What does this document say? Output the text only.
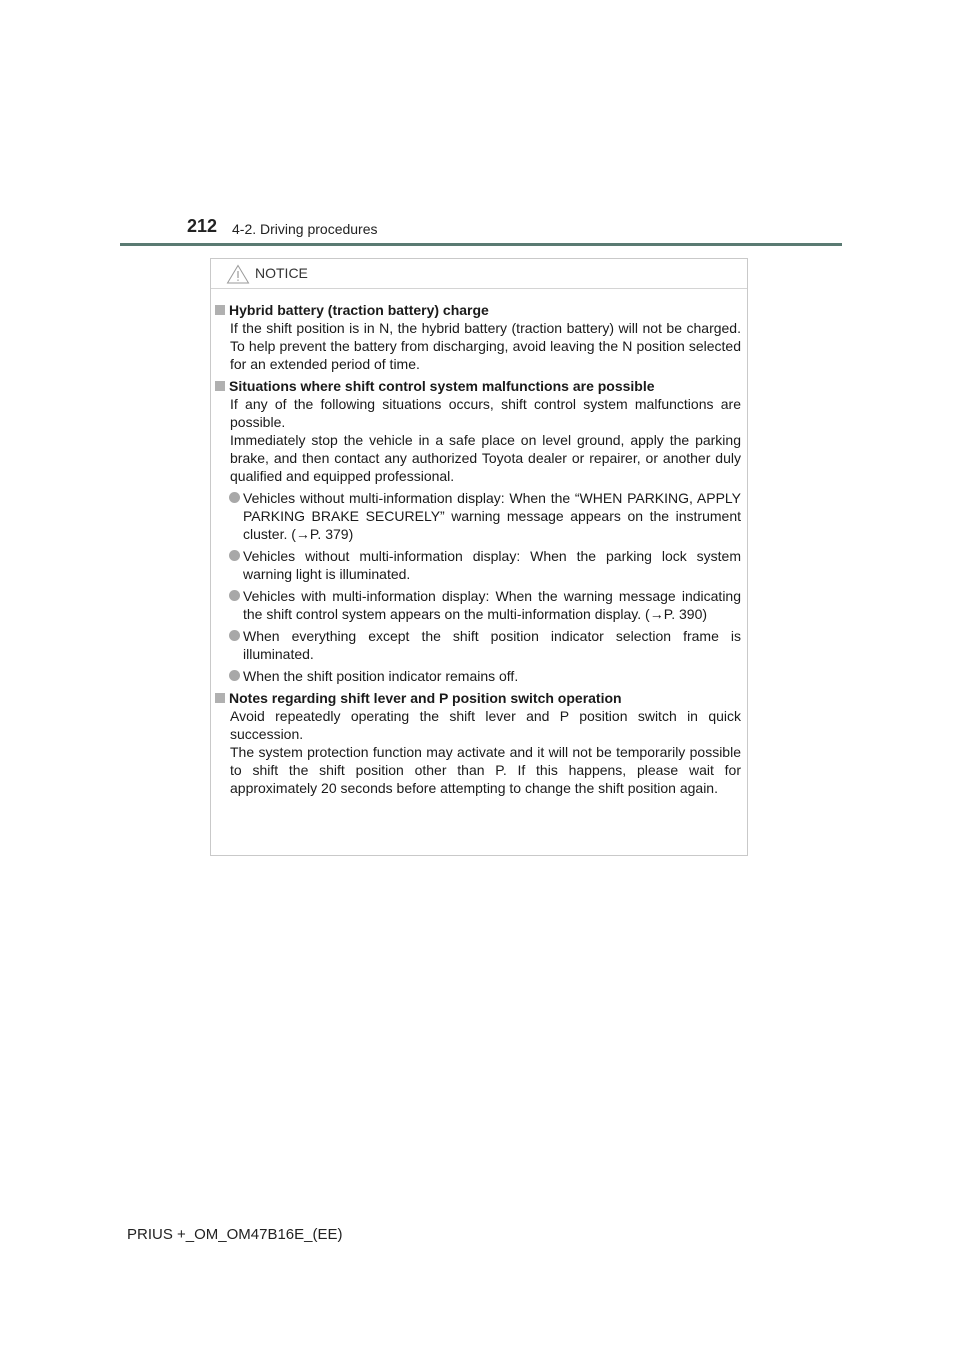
212 4-2. Driving procedures
NOTICE
Hybrid battery (traction battery) charge
If the shift position is in N, the hybrid battery (traction battery) will not be charged. To help prevent the battery from discharging, avoid leaving the N position selected for an extended period of time.
Situations where shift control system malfunctions are possible
If any of the following situations occurs, shift control system malfunctions are possible.
Immediately stop the vehicle in a safe place on level ground, apply the parking brake, and then contact any authorized Toyota dealer or repairer, or another duly qualified and equipped professional.
Vehicles without multi-information display: When the “WHEN PARKING, APPLY PARKING BRAKE SECURELY” warning message appears on the instrument cluster. (→P. 379)
Vehicles without multi-information display: When the parking lock system warning light is illuminated.
Vehicles with multi-information display: When the warning message indicating the shift control system appears on the multi-information display. (→P. 390)
When everything except the shift position indicator selection frame is illuminated.
When the shift position indicator remains off.
Notes regarding shift lever and P position switch operation
Avoid repeatedly operating the shift lever and P position switch in quick succession.
The system protection function may activate and it will not be temporarily possible to shift the shift position other than P. If this happens, please wait for approximately 20 seconds before attempting to change the shift position again.
PRIUS +_OM_OM47B16E_(EE)
